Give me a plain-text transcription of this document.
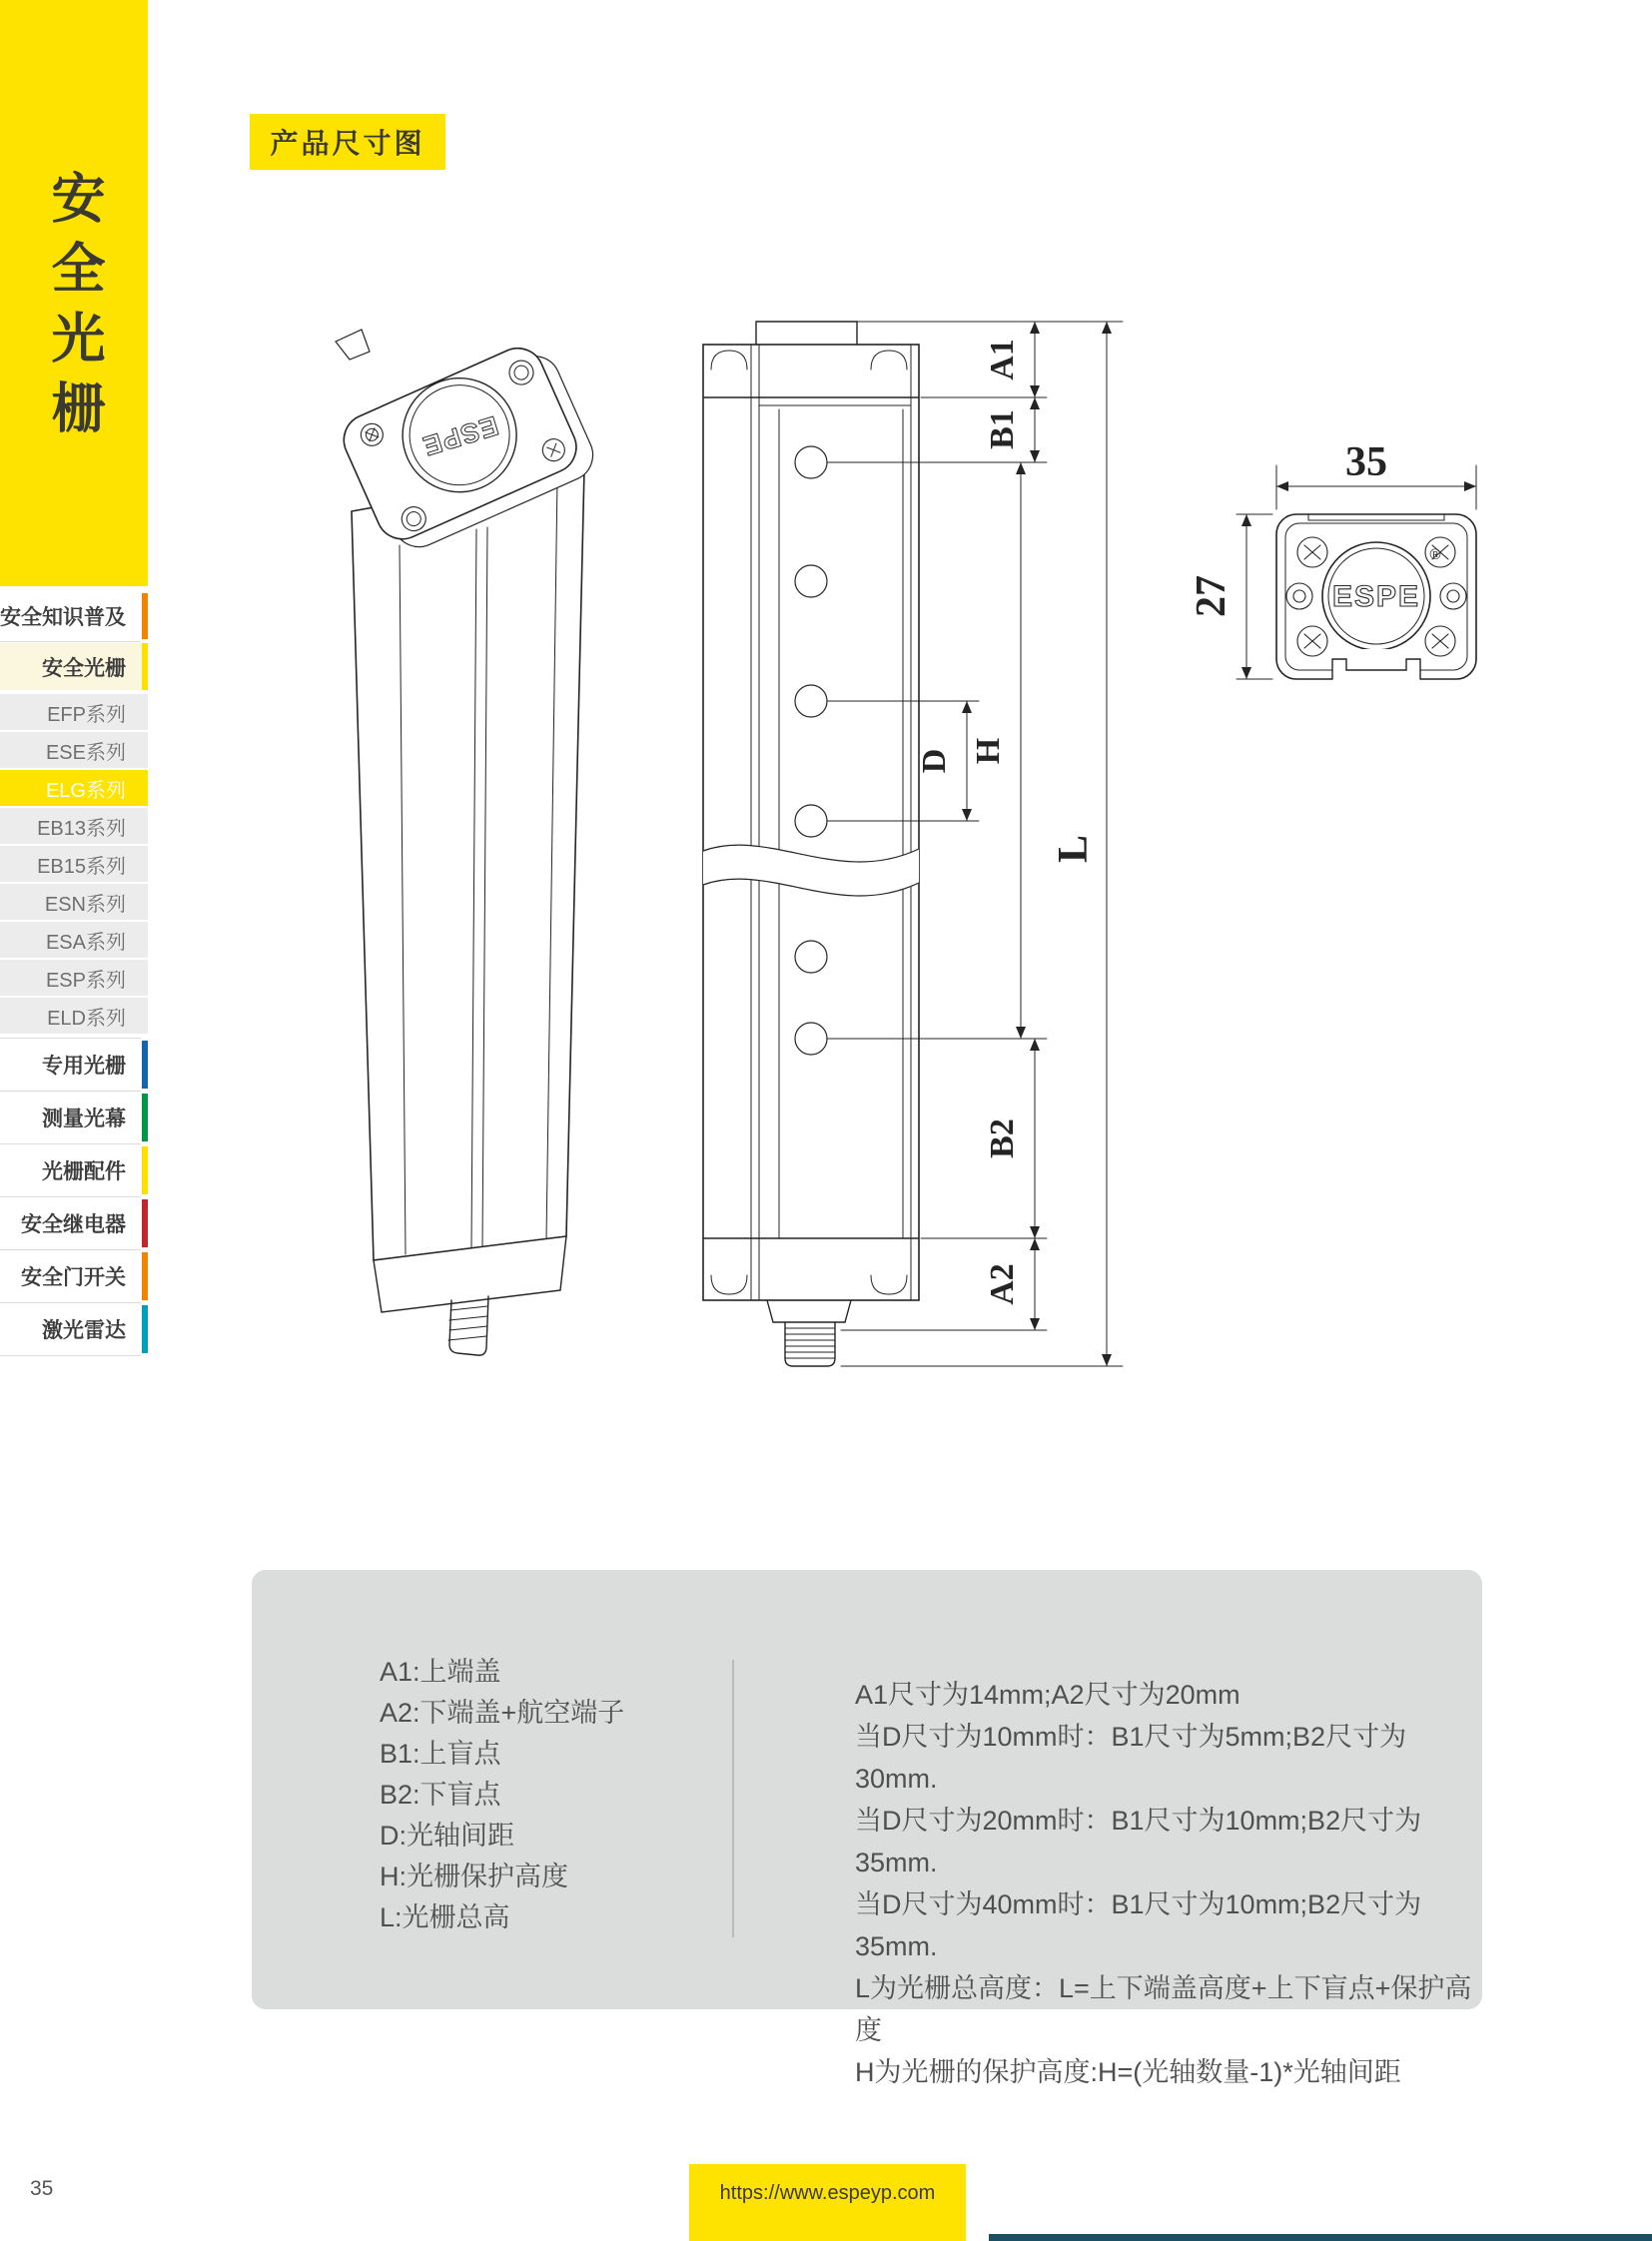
安全光栅
安全知识普及
安全光栅
EFP系列
ESE系列
ELG系列
EB13系列
EB15系列
ESN系列
ESA系列
ESP系列
ELD系列
专用光栅
测量光幕
光栅配件
安全继电器
安全门开关
激光雷达
产品尺寸图
ESPE
A1
B1
D H
B2
A2
L
35
27	ESPE
®
A1:上端盖
A2:下端盖+航空端子
B1:上盲点
B2:下盲点
D:光轴间距
H:光栅保护高度
L:光栅总高
A1尺寸为14mm;A2尺寸为20mm
当D尺寸为10mm时：B1尺寸为5mm;B2尺寸为30mm.
当D尺寸为20mm时：B1尺寸为10mm;B2尺寸为35mm.
当D尺寸为40mm时：B1尺寸为10mm;B2尺寸为35mm.
L为光栅总高度：L=上下端盖高度+上下盲点+保护高度
H为光栅的保护高度:H=(光轴数量-1)*光轴间距
35	https://www.espeyp.com
